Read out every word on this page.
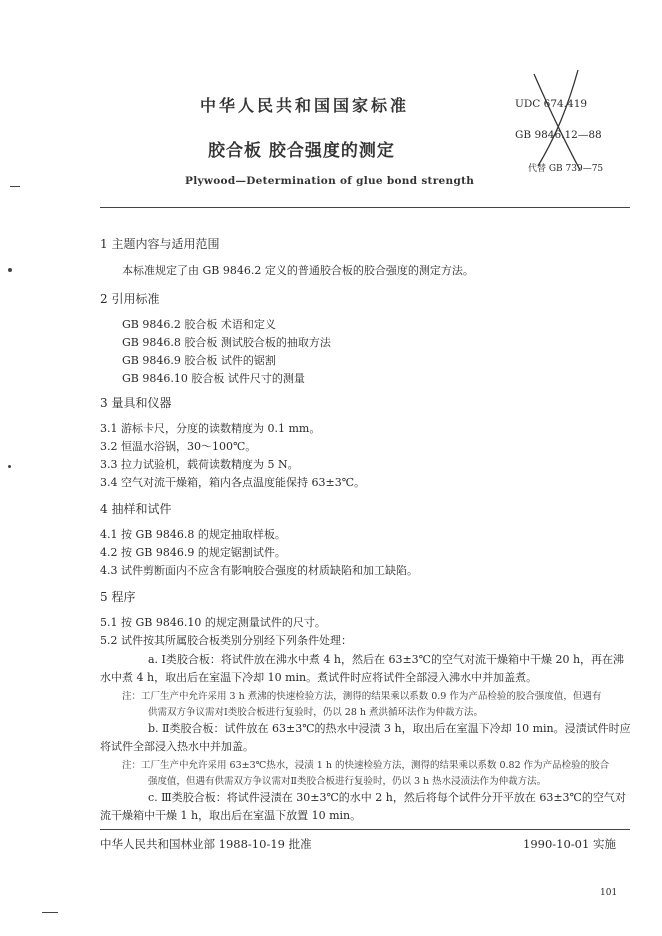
中华人民共和国国家标准	UDC 674.419
GB 9846.12—88
代替 GB 739—75
胶合板 胶合强度的测定
Plywood—Determination of glue bond strength
1 主题内容与适用范围
本标准规定了由 GB 9846.2 定义的普通胶合板的胶合强度的测定方法。
2 引用标准
GB 9846.2 胶合板 术语和定义
GB 9846.8 胶合板 测试胶合板的抽取方法
GB 9846.9 胶合板 试件的锯割
GB 9846.10 胶合板 试件尺寸的测量
3 量具和仪器
3.1 游标卡尺，分度的读数精度为 0.1 mm。
3.2 恒温水浴锅，30～100℃。
3.3 拉力试验机，载荷读数精度为 5 N。
3.4 空气对流干燥箱，箱内各点温度能保持 63±3℃。
4 抽样和试件
4.1 按 GB 9846.8 的规定抽取样板。
4.2 按 GB 9846.9 的规定锯割试件。
4.3 试件剪断面内不应含有影响胶合强度的材质缺陷和加工缺陷。
5 程序
5.1 按 GB 9846.10 的规定测量试件的尺寸。
5.2 试件按其所属胶合板类别分别经下列条件处理：
a. Ⅰ类胶合板：将试件放在沸水中煮 4 h，然后在 63±3℃的空气对流干燥箱中干燥 20 h，再在沸
水中煮 4 h，取出后在室温下冷却 10 min。煮试件时应将试件全部浸入沸水中并加盖煮。
注：工厂生产中允许采用 3 h 煮沸的快速检验方法，测得的结果乘以系数 0.9 作为产品检验的胶合强度值，但遇有
供需双方争议需对Ⅰ类胶合板进行复验时，仍以 28 h 煮洪循环法作为仲裁方法。
b. Ⅱ类胶合板：试件放在 63±3℃的热水中浸渍 3 h，取出后在室温下冷却 10 min。浸渍试件时应
将试件全部浸入热水中并加盖。
注：工厂生产中允许采用 63±3℃热水，浸渍 1 h 的快速检验方法，测得的结果乘以系数 0.82 作为产品检验的胶合
强度值，但遇有供需双方争议需对Ⅱ类胶合板进行复验时，仍以 3 h 热水浸渍法作为仲裁方法。
c. Ⅲ类胶合板：将试件浸渍在 30±3℃的水中 2 h，然后将每个试件分开平放在 63±3℃的空气对
流干燥箱中干燥 1 h，取出后在室温下放置 10 min。
中华人民共和国林业部 1988-10-19 批准	1990-10-01 实施
101
